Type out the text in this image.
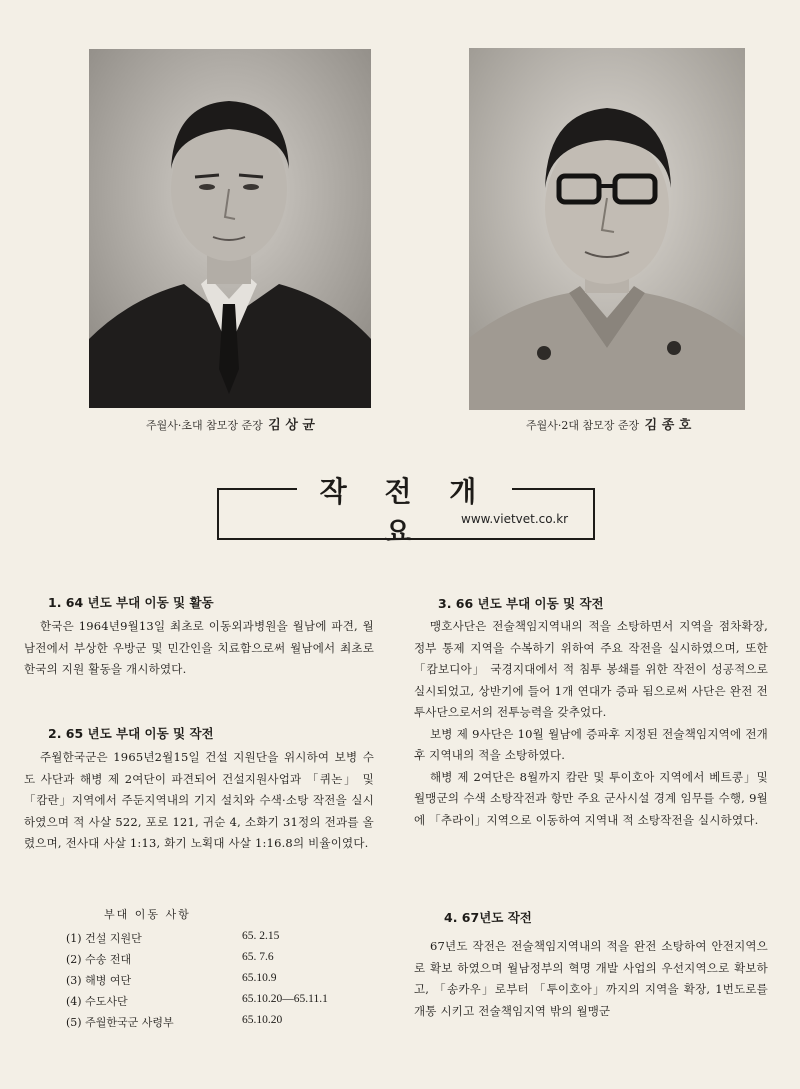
주월사·초대 참모장 준장 김 상 균	주월사·2대 참모장 준장 김 종 호
작 전 개 요	www.vietvet.co.kr
1. 64 년도 부대 이동 및 활동

한국은 1964년9월13일 최초로 이동외과병원을 월남에 파견, 월남전에서 부상한 우방군 및 민간인을 치료함으로써 월남에서 최초로 한국의 지원 활동을 개시하였다.

2. 65 년도 부대 이동 및 작전

주월한국군은 1965년2월15일 건설 지원단을 위시하여 보병 수도 사단과 해병 제 2여단이 파견되어 건설지원사업과 「퀴논」 및 「캄란」지역에서 주둔지역내의 기지 설치와 수색·소탕 작전을 실시하였으며 적 사살 522, 포로 121, 귀순 4, 소화기 31정의 전과를 올렸으며, 전사대 사살 1:13, 화기 노획대 사살 1:16.8의 비율이였다.

부대 이동 사항
(1) 건설 지원단	65. 2.15
(2) 수송 전대	65. 7.6
(3) 해병 여단	65.10.9
(4) 수도사단	65.10.20—65.11.1
(5) 주월한국군 사령부	65.10.20
3. 66 년도 부대 이동 및 작전

맹호사단은 전술책임지역내의 적을 소탕하면서 지역을 점차확장, 정부 통제 지역을 수복하기 위하여 주요 작전을 실시하였으며, 또한 「캄보디아」 국경지대에서 적 침투 봉쇄를 위한 작전이 성공적으로 실시되었고, 상반기에 들어 1개 연대가 증파 됨으로써 사단은 완전 전투사단으로서의 전투능력을 갖추었다.

보병 제 9사단은 10월 월남에 증파후 지정된 전술책임지역에 전개 후 지역내의 적을 소탕하였다.

해병 제 2여단은 8월까지 캄란 및 투이호아 지역에서 베트콩」및 월맹군의 수색 소탕작전과 항만 주요 군사시설 경계 임무를 수행, 9월에 「추라이」지역으로 이동하여 지역내 적 소탕작전을 실시하였다.

4. 67년도 작전

67년도 작전은 전술책임지역내의 적을 완전 소탕하여 안전지역으로 확보 하였으며 월남정부의 혁명 개발 사업의 우선지역으로 확보하고, 「송카우」로부터 「투이호아」까지의 지역을 확장, 1번도로를 개통 시키고 전술책임지역 밖의 월맹군
